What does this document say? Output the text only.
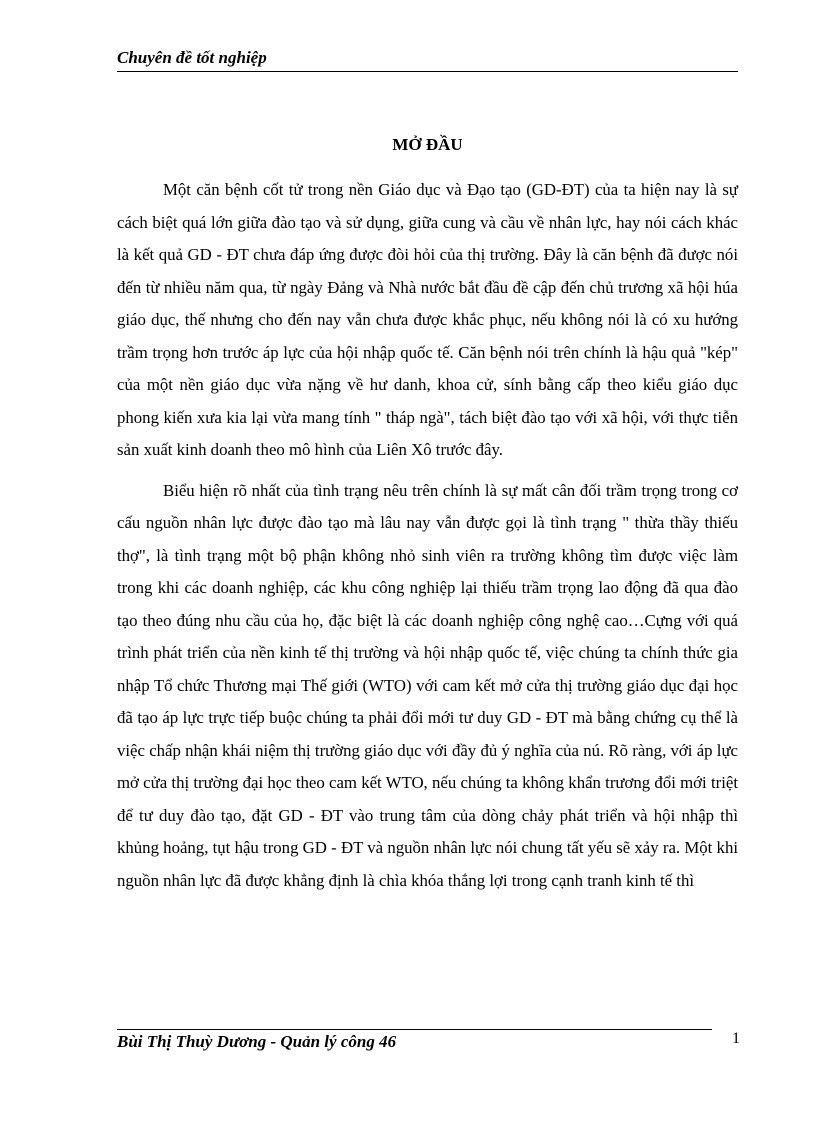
Chuyên đề tốt nghiệp
MỞ ĐẦU

Một căn bệnh cốt tử trong nền Giáo dục và Đạo tạo (GD-ĐT) của ta hiện nay là sự cách biệt quá lớn giữa đào tạo và sử dụng, giữa cung và cầu về nhân lực, hay nói cách khác là kết quả GD - ĐT chưa đáp ứng được đòi hỏi của thị trường. Đây là căn bệnh đã được nói đến từ nhiều năm qua, từ ngày Đảng và Nhà nước bắt đầu đề cập đến chủ trương xã hội húa giáo dục, thế nhưng cho đến nay vẫn chưa được khắc phục, nếu không nói là có xu hướng trầm trọng hơn trước áp lực của hội nhập quốc tế. Căn bệnh nói trên chính là hậu quả "kép" của một nền giáo dục vừa nặng về hư danh, khoa cử, sính bằng cấp theo kiểu giáo dục phong kiến xưa kia lại vừa mang tính " tháp ngà", tách biệt đào tạo với xã hội, với thực tiễn sản xuất kinh doanh theo mô hình của Liên Xô trước đây.

Biểu hiện rõ nhất của tình trạng nêu trên chính là sự mất cân đối trầm trọng trong cơ cấu nguồn nhân lực được đào tạo mà lâu nay vẫn được gọi là tình trạng " thừa thầy thiếu thợ", là tình trạng một bộ phận không nhỏ sinh viên ra trường không tìm được việc làm trong khi các doanh nghiệp, các khu công nghiệp lại thiếu trầm trọng lao động đã qua đào tạo theo đúng nhu cầu của họ, đặc biệt là các doanh nghiệp công nghệ cao…Cựng với quá trình phát triển của nền kinh tế thị trường và hội nhập quốc tế, việc chúng ta chính thức gia nhập Tổ chức Thương mại Thế giới (WTO) với cam kết mở cửa thị trường giáo dục đại học đã tạo áp lực trực tiếp buộc chúng ta phải đổi mới tư duy GD - ĐT mà bằng chứng cụ thể là việc chấp nhận khái niệm thị trường giáo dục với đầy đủ ý nghĩa của nú. Rõ ràng, với áp lực mở cửa thị trường đại học theo cam kết WTO, nếu chúng ta không khẩn trương đổi mới triệt để tư duy đào tạo, đặt GD - ĐT vào trung tâm của dòng chảy phát triển và hội nhập thì khủng hoảng, tụt hậu trong GD - ĐT và nguồn nhân lực nói chung tất yếu sẽ xảy ra. Một khi nguồn nhân lực đã được khẳng định là chìa khóa thắng lợi trong cạnh tranh kinh tế thì

Bùi Thị Thuỳ Dương - Quản lý công 46	1
